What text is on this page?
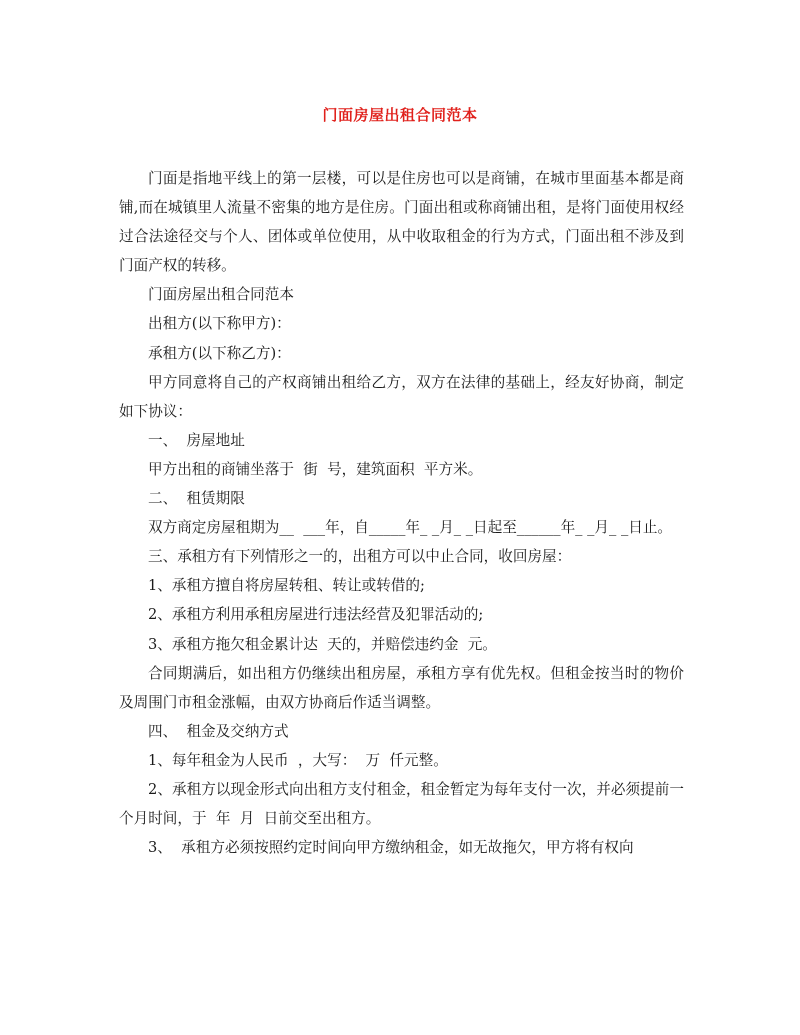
门面房屋出租合同范本

门面是指地平线上的第一层楼，可以是住房也可以是商铺，在城市里面基本都是商铺,而在城镇里人流量不密集的地方是住房。门面出租或称商铺出租，是将门面使用权经过合法途径交与个人、团体或单位使用，从中收取租金的行为方式，门面出租不涉及到门面产权的转移。

门面房屋出租合同范本

出租方(以下称甲方)：

承租方(以下称乙方)：

甲方同意将自己的产权商铺出租给乙方，双方在法律的基础上，经友好协商，制定如下协议：

一、  房屋地址

甲方出租的商铺坐落于  街  号，建筑面积  平方米。

二、  租赁期限

双方商定房屋租期为__  ___年，自_____年_ _月_ _日起至______年_ _月_ _日止。

三、承租方有下列情形之一的，出租方可以中止合同，收回房屋：

1、承租方擅自将房屋转租、转让或转借的;

2、承租方利用承租房屋进行违法经营及犯罪活动的;

3、承租方拖欠租金累计达  天的，并赔偿违约金  元。

合同期满后，如出租方仍继续出租房屋，承租方享有优先权。但租金按当时的物价及周围门市租金涨幅，由双方协商后作适当调整。

四、  租金及交纳方式

1、每年租金为人民币  ，大写：  万  仟元整。

2、承租方以现金形式向出租方支付租金，租金暂定为每年支付一次，并必须提前一个月时间，于  年  月  日前交至出租方。

3、  承租方必须按照约定时间向甲方缴纳租金，如无故拖欠，甲方将有权向
